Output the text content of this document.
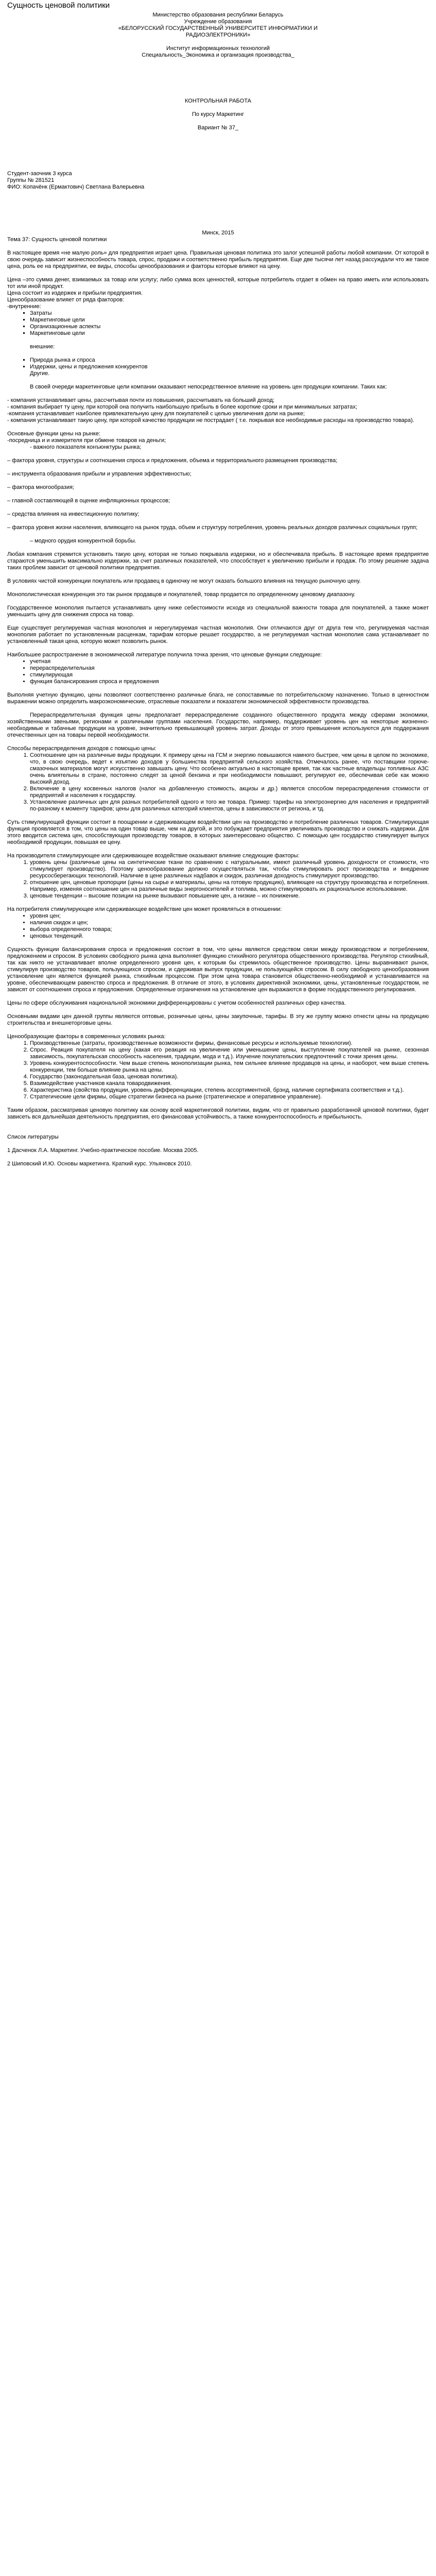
Сущность ценовой политики

Министерство образования республики Беларусь

Учреждение образования

«БЕЛОРУССКИЙ ГОСУДАРСТВЕННЫЙ УНИВЕРСИТЕТ ИНФОРМАТИКИ И РАДИОЭЛЕКТРОНИКИ»

Институт информационных технологий

Специальность_Экономика и организация производства_

КОНТРОЛЬНАЯ РАБОТА

По курсу Маркетинг

Вариант № 37_

Студент-заочник 3 курса

Группы № 281521

ФИО: Копачёнк (Ермактович) Светлана Валерьевна

Минск, 2015

Тема 37: Сущность ценовой политики

В настоящее время «не малую роль» для предприятия играет цена. Правильная ценовая политика это залог успешной работы любой компании. От которой в свою очередь зависит жизнеспособность товара, спрос, продажи и соответственно прибыль предприятия. Еще две тысячи лет назад рассуждали что же такое цена, роль ее на предприятии, ее виды, способы ценообразования и факторы которые влияют на цену.

Цена –это сумма денег, взимаемых за товар или услугу; либо сумма всех ценностей, которые потребитель отдает в обмен на право иметь или использовать тот или иной продукт.

Цена состоит из издержек и прибыли предприятия.

Ценообразование влияет от ряда факторов:

-внутренние:

▪ Затраты
▪ Маркетинговые цели
▪ Организационные аспекты
▪ Маркетинговые цели

внешние:

▪ Природа рынка и спроса
▪ Издержки, цены и предложения конкурентов

Другие.

В своей очереди маркетинговые цели компании оказывают непосредственное влияние на уровень цен продукции компании. Таких как:

- компания устанавливает цены, рассчитывая почти из повышения, рассчитывать на больший доход;

- компания выбирает ту цену, при которой она получить наибольшую прибыль в более короткие сроки и при минимальных затратах;

-компания устанавливает наиболее привлекательную цену для покупателей с целью увеличения доли на рынке;

- компания устанавливает такую цену, при которой качество продукции не пострадает ( т.е. покрывая все необходимые расходы на производство товара).

Основные функции цены на рынке:

-посредница и и измерителя при обмене товаров на деньги;

- важного показателя конъюнктуры рынка;

– фактора уровня, структуры и соотношения спроса и предложения, объема и территориального размещения производства;

– инструмента образования прибыли и управления эффективностью;

– фактора многообразия;

– главной составляющей в оценке инфляционных процессов;

– средства влияния на инвестиционную политику;

– фактора уровня жизни населения, влияющего на рынок труда, объем и структуру потребления, уровень реальных доходов различных социальных групп;

– модного орудия конкурентной борьбы.

Любая компания стремится установить такую цену, которая не только покрывала издержки, но и обеспечивала прибыль. В настоящее время предприятие стараются уменьшить максимально издержки, за счет различных показателей, что способствует к увеличению прибыли и продаж. По этому решение задача таких проблем зависит от ценовой политики предприятия.

В условиях чистой конкуренции покупатель или продавец в одиночку не могут оказать большого влияния на текущую рыночную цену.

Монополистическая конкуренция это так рынок продавцов и покупателей, товар продается по определенному ценовому диапазону.

Государственное монополия пытается устанавливать цену ниже себестоимости исходя из специальной важности товара для покупателей, а также может уменьшить цену для снижения спроса на товар.

Еще существует регулируемая частная монополия и нерегулируемая частная монополия. Они отличаются друг от друга тем что, регулируемая частная монополия работает по установленным расценкам, тарифам которые решает государство, а не регулируемая частная монополия сама устанавливает по установленный такая цена, которую может позволить рынок.

Наибольшее распространение в экономической литературе получила точка зрения, что ценовые функции следующие:

• учетная
• перераспределительная
• стимулирующая
• функция балансирования спроса и предложения

Выполняя учетную функцию, цены позволяют соответственно различные блага, не сопоставимые по потребительскому назначению. Только в ценностном выражении можно определить макроэкономические, отраслевые показатели и показатели экономической эффективности производства.

Перераспределительная функция цены предполагает перераспределение созданного общественного продукта между сферами экономики, хозяйственными звеньями, регионами и различными группами населения. Государство, например, поддерживает уровень цен на некоторые жизненно-необходимые и табачные продукции на уровне, значительно превышающей уровень затрат. Доходы от этого превышения используются для поддержания отечественных цен на товары первой необходимости.

Способы перераспределения доходов с помощью цены:

1. Соотношение цен на различные виды продукции. К примеру цены на ГСМ и энергию повышаются намного быстрее, чем цены в целом по экономике, что, в свою очередь, ведет к изъятию доходов у большинства предприятий сельского хозяйства. Отмечалось ранее, что поставщики горюче-смазочных материалов могут искусственно завышать цену. Что особенно актуально в настоящее время, так как частные владельцы топливных АЗС очень влиятельны в стране, постоянно следят за ценой бензина и при необходимости повышают, регулируют ее, обеспечивая себе как можно высокий доход.
2. Включение в цену косвенных налогов (налог на добавленную стоимость, акцизы и др.) является способом перераспределения стоимости от предприятий и населения к государству.
3. Установление различных цен для разных потребителей одного и того же товара. Пример: тарифы на электроэнергию для населения и предприятий по-разному к моменту тарифов; цены для различных категорий клиентов, цены в зависимости от региона, и тд.

Суть стимулирующей функции состоит в поощрении и сдерживающем воздействии цен на производство и потребление различных товаров. Стимулирующая функция проявляется в том, что цены на один товар выше, чем на другой, и это побуждает предприятия увеличивать производство и снижать издержки. Для этого вводится система цен, способствующая производству товаров, в которых заинтересовано общество. С помощью цен государство стимулирует выпуск необходимой продукции, повышая ее цену.

На производителя стимулирующее или сдерживающее воздействие оказывают влияние следующие факторы:

1. уровень цены (различные цены на синтетические ткани по сравнению с натуральными, имеют различный уровень доходности от стоимости, что стимулирует производство). Поэтому ценообразование должно осуществляться так, чтобы стимулировать рост производства и внедрение ресурсосберегающих технологий. Наличие в цене различных надбавок и скидок, различная доходность стимулируют производство.
2. отношение цен, ценовые пропорции (цены на сырье и материалы, цены на готовую продукцию), влияющее на структуру производства и потребления. Например, изменяя соотношение цен на различные виды энергоносителей и топлива, можно стимулировать их рациональное использование.
3. ценовые тенденции – высокие позиции на рынке вызывают повышение цен, а низкие – их понижение.

На потребителя стимулирующее или сдерживающее воздействие цен может проявляться в отношении:

• уровня цен;
• наличия скидок и цен;
• выбора определенного товара;
• ценовых тенденций.

Сущность функции балансирования спроса и предложения состоит в том, что цены являются средством связи между производством и потреблением, предложением и спросом. В условиях свободного рынка цена выполняет функцию стихийного регулятора общественного производства. Регулятор стихийный, так как никто не устанавливает вполне определенного уровня цен, к которым бы стремилось общественное производство. Цены выравнивают рынок, стимулируя производство товаров, пользующихся спросом, и сдерживая выпуск продукции, не пользующейся спросом. В силу свободного ценообразования установление цен является функцией рынка, стихийным процессом. При этом цена товара становится общественно-необходимой и устанавливается на уровне, обеспечивающем равенство спроса и предложения. В отличие от этого, в условиях директивной экономики, цены, установленные государством, не зависят от соотношения спроса и предложения. Определенные ограничения на установление цен выражаются в форме государственного регулирования.

Цены по сфере обслуживания национальной экономики дифференцированы с учетом особенностей различных сфер качества.

Основными видами цен данной группы являются оптовые, розничные цены, цены закупочные, тарифы. В эту же группу можно отнести цены на продукцию строительства и внешнеторговые цены.

Ценообразующие факторы в современных условиях рынка:

1. Производственные (затраты, производственные возможности фирмы, финансовые ресурсы и используемые технологии).
2. Спрос. Реакция покупателя на цену (какая его реакция на увеличение или уменьшение цены, выступление покупателей на рынке, сезонная зависимость, покупательская способность населения, традиции, мода и т.д.). Изучение покупательских предпочтений с точки зрения цены.
3. Уровень конкурентоспособности. Чем выше степень монополизации рынка, тем сильнее влияние продавцов на цены, и наоборот, чем выше степень конкуренции, тем больше влияние рынка на цены.
4. Государство (законодательная база, ценовая политика).
5. Взаимодействие участников канала товародвижения.
6. Характеристика (свойства продукции, уровень дифференциации, степень ассортиментной, брэнд, наличие сертификата соответствия и т.д.).
7. Стратегические цели фирмы, общие стратегии бизнеса на рынке (стратегическое и оперативное управление).

Таким образом, рассматривая ценовую политику как основу всей маркетинговой политики, видим, что от правильно разработанной ценовой политики, будет зависеть вся дальнейшая деятельность предприятия, его финансовая устойчивость, а также конкурентоспособность и прибыльность.

Список литературы

1 Дасченок Л.А. Маркетинг. Учебно-практическое пособие. Москва 2005.

2 Шиповский И.Ю. Основы маркетинга. Краткий курс. Ульяновск 2010.
